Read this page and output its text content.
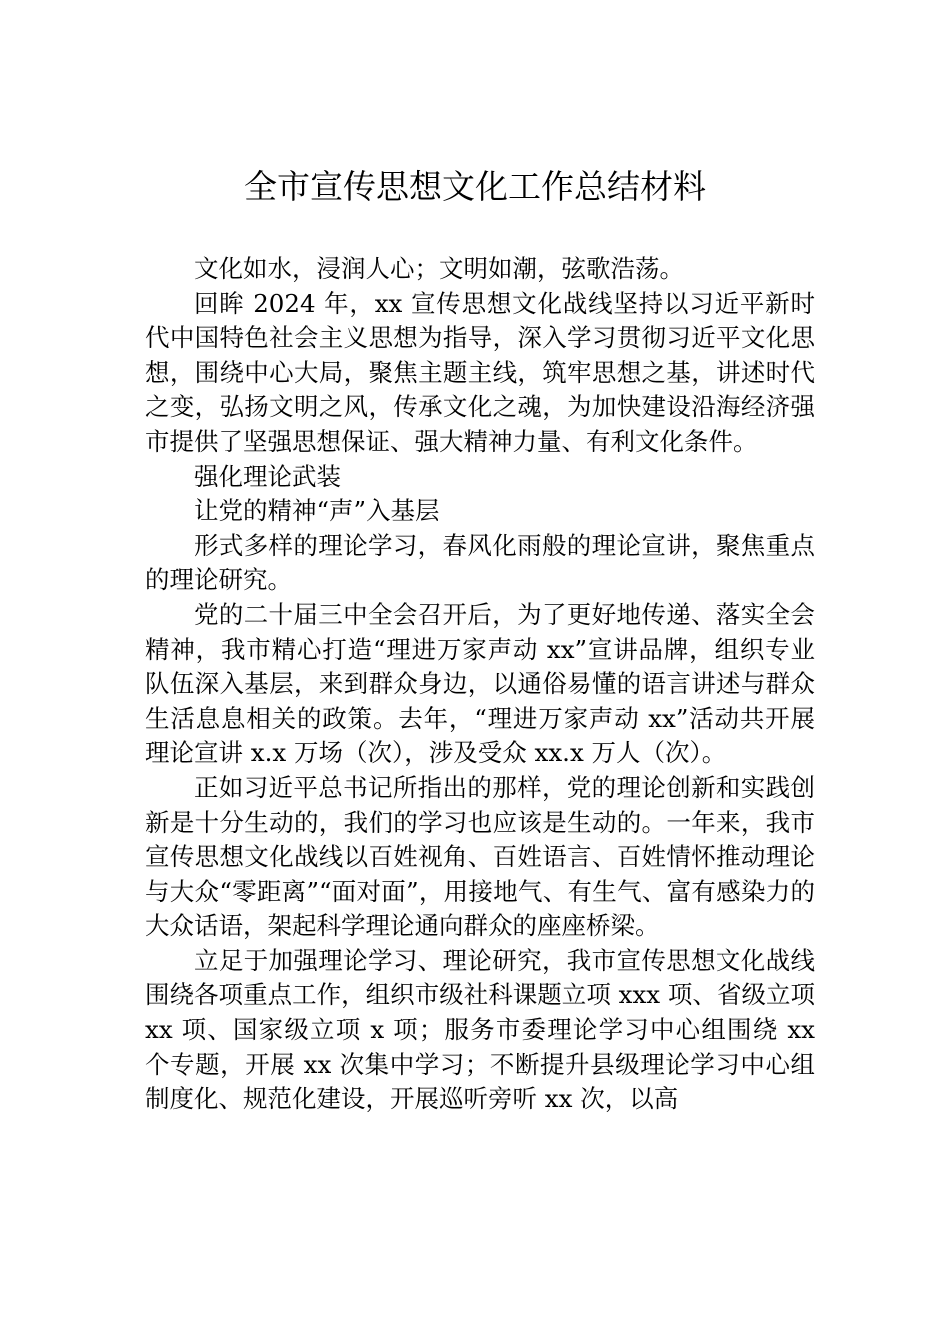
全市宣传思想文化工作总结材料

文化如水，浸润人心；文明如潮，弦歌浩荡。

回眸 2024 年，xx 宣传思想文化战线坚持以习近平新时代中国特色社会主义思想为指导，深入学习贯彻习近平文化思想，围绕中心大局，聚焦主题主线，筑牢思想之基，讲述时代之变，弘扬文明之风，传承文化之魂，为加快建设沿海经济强市提供了坚强思想保证、强大精神力量、有利文化条件。

强化理论武装

让党的精神“声”入基层

形式多样的理论学习，春风化雨般的理论宣讲，聚焦重点的理论研究。

党的二十届三中全会召开后，为了更好地传递、落实全会精神，我市精心打造“理进万家声动 xx”宣讲品牌，组织专业队伍深入基层，来到群众身边，以通俗易懂的语言讲述与群众生活息息相关的政策。去年，“理进万家声动 xx”活动共开展理论宣讲 x.x 万场（次），涉及受众 xx.x 万人（次）。

正如习近平总书记所指出的那样，党的理论创新和实践创新是十分生动的，我们的学习也应该是生动的。一年来，我市宣传思想文化战线以百姓视角、百姓语言、百姓情怀推动理论与大众“零距离”“面对面”，用接地气、有生气、富有感染力的大众话语，架起科学理论通向群众的座座桥梁。

立足于加强理论学习、理论研究，我市宣传思想文化战线围绕各项重点工作，组织市级社科课题立项 xxx 项、省级立项 xx 项、国家级立项 x 项；服务市委理论学习中心组围绕 xx 个专题，开展 xx 次集中学习；不断提升县级理论学习中心组制度化、规范化建设，开展巡听旁听 xx 次，以高
